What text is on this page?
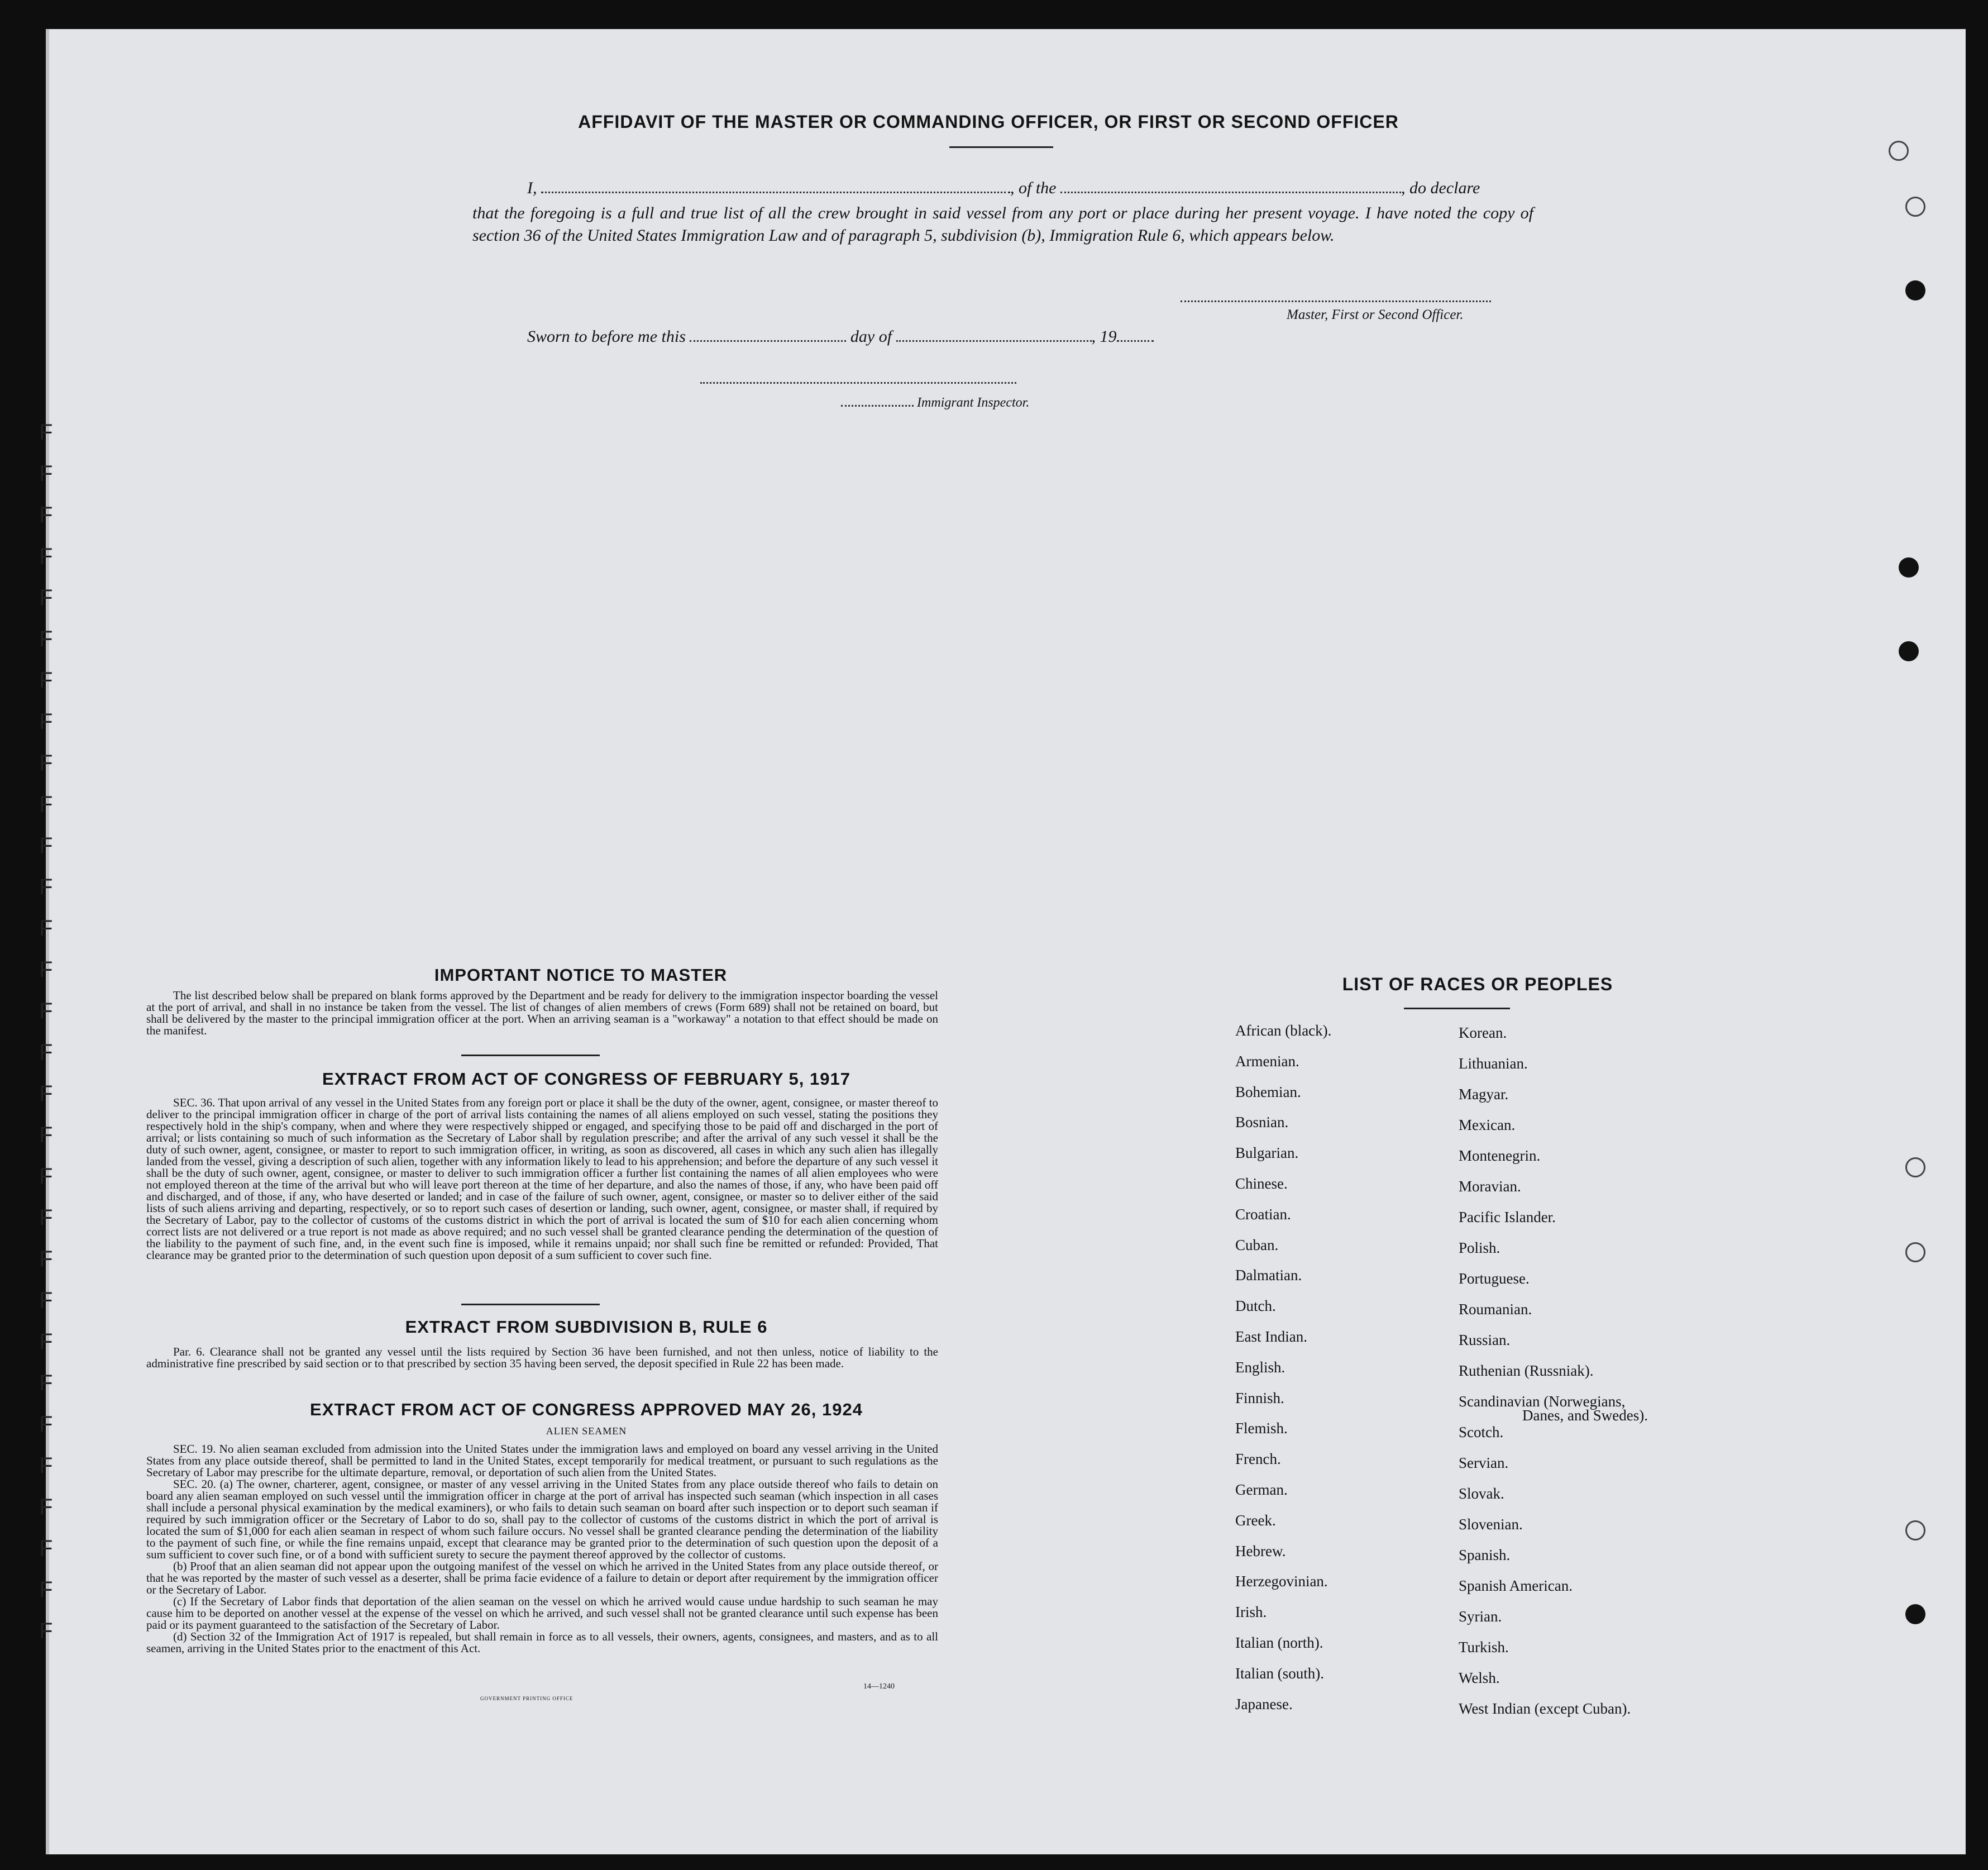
F
F
F
F
F
F
F
F
F
F
F
F
F
F
F
F
F
F
F
F
F
F
F
F
F
F
F
F
F
F
AFFIDAVIT OF THE MASTER OR COMMANDING OFFICER, OR FIRST OR SECOND OFFICER
I,	, of the	, do declare
that the foregoing is a full and true list of all the crew brought in said vessel from any port or place during her present voyage. I have noted the copy of section 36 of the United States Immigration Law and of paragraph 5, subdivision (b), Immigration Rule 6, which appears below.
Master, First or Second Officer.
Sworn to before me this	day of	, 19
Immigrant Inspector.
IMPORTANT NOTICE TO MASTER

The list described below shall be prepared on blank forms approved by the Department and be ready for delivery to the immigration inspector boarding the vessel at the port of arrival, and shall in no instance be taken from the vessel. The list of changes of alien members of crews (Form 689) shall not be retained on board, but shall be delivered by the master to the principal immigration officer at the port. When an arriving seaman is a "workaway" a notation to that effect should be made on the manifest.

EXTRACT FROM ACT OF CONGRESS OF FEBRUARY 5, 1917

SEC. 36. That upon arrival of any vessel in the United States from any foreign port or place it shall be the duty of the owner, agent, consignee, or master thereof to deliver to the principal immigration officer in charge of the port of arrival lists containing the names of all aliens employed on such vessel, stating the positions they respectively hold in the ship's company, when and where they were respectively shipped or engaged, and specifying those to be paid off and discharged in the port of arrival; or lists containing so much of such information as the Secretary of Labor shall by regulation prescribe; and after the arrival of any such vessel it shall be the duty of such owner, agent, consignee, or master to report to such immigration officer, in writing, as soon as discovered, all cases in which any such alien has illegally landed from the vessel, giving a description of such alien, together with any information likely to lead to his apprehension; and before the departure of any such vessel it shall be the duty of such owner, agent, consignee, or master to deliver to such immigration officer a further list containing the names of all alien employees who were not employed thereon at the time of the arrival but who will leave port thereon at the time of her departure, and also the names of those, if any, who have been paid off and discharged, and of those, if any, who have deserted or landed; and in case of the failure of such owner, agent, consignee, or master so to deliver either of the said lists of such aliens arriving and departing, respectively, or so to report such cases of desertion or landing, such owner, agent, consignee, or master shall, if required by the Secretary of Labor, pay to the collector of customs of the customs district in which the port of arrival is located the sum of $10 for each alien concerning whom correct lists are not delivered or a true report is not made as above required; and no such vessel shall be granted clearance pending the determination of the question of the liability to the payment of such fine, and, in the event such fine is imposed, while it remains unpaid; nor shall such fine be remitted or refunded: Provided, That clearance may be granted prior to the determination of such question upon deposit of a sum sufficient to cover such fine.

EXTRACT FROM SUBDIVISION B, RULE 6

Par. 6. Clearance shall not be granted any vessel until the lists required by Section 36 have been furnished, and not then unless, notice of liability to the administrative fine prescribed by said section or to that prescribed by section 35 having been served, the deposit specified in Rule 22 has been made.

EXTRACT FROM ACT OF CONGRESS APPROVED MAY 26, 1924
ALIEN SEAMEN

SEC. 19. No alien seaman excluded from admission into the United States under the immigration laws and employed on board any vessel arriving in the United States from any place outside thereof, shall be permitted to land in the United States, except temporarily for medical treatment, or pursuant to such regulations as the Secretary of Labor may prescribe for the ultimate departure, removal, or deportation of such alien from the United States.

SEC. 20. (a) The owner, charterer, agent, consignee, or master of any vessel arriving in the United States from any place outside thereof who fails to detain on board any alien seaman employed on such vessel until the immigration officer in charge at the port of arrival has inspected such seaman (which inspection in all cases shall include a personal physical examination by the medical examiners), or who fails to detain such seaman on board after such inspection or to deport such seaman if required by such immigration officer or the Secretary of Labor to do so, shall pay to the collector of customs of the customs district in which the port of arrival is located the sum of $1,000 for each alien seaman in respect of whom such failure occurs. No vessel shall be granted clearance pending the determination of the liability to the payment of such fine, or while the fine remains unpaid, except that clearance may be granted prior to the determination of such question upon the deposit of a sum sufficient to cover such fine, or of a bond with sufficient surety to secure the payment thereof approved by the collector of customs.

(b) Proof that an alien seaman did not appear upon the outgoing manifest of the vessel on which he arrived in the United States from any place outside thereof, or that he was reported by the master of such vessel as a deserter, shall be prima facie evidence of a failure to detain or deport after requirement by the immigration officer or the Secretary of Labor.

(c) If the Secretary of Labor finds that deportation of the alien seaman on the vessel on which he arrived would cause undue hardship to such seaman he may cause him to be deported on another vessel at the expense of the vessel on which he arrived, and such vessel shall not be granted clearance until such expense has been paid or its payment guaranteed to the satisfaction of the Secretary of Labor.

(d) Section 32 of the Immigration Act of 1917 is repealed, but shall remain in force as to all vessels, their owners, agents, consignees, and masters, and as to all seamen, arriving in the United States prior to the enactment of this Act.

14—1240
GOVERNMENT PRINTING OFFICE
LIST OF RACES OR PEOPLES
African (black).
Armenian.
Bohemian.
Bosnian.
Bulgarian.
Chinese.
Croatian.
Cuban.
Dalmatian.
Dutch.
East Indian.
English.
Finnish.
Flemish.
French.
German.
Greek.
Hebrew.
Herzegovinian.
Irish.
Italian (north).
Italian (south).
Japanese.
Korean.
Lithuanian.
Magyar.
Mexican.
Montenegrin.
Moravian.
Pacific Islander.
Polish.
Portuguese.
Roumanian.
Russian.
Ruthenian (Russniak).
Scandinavian (Norwegians,
Danes, and Swedes).
Scotch.
Servian.
Slovak.
Slovenian.
Spanish.
Spanish American.
Syrian.
Turkish.
Welsh.
West Indian (except Cuban).
